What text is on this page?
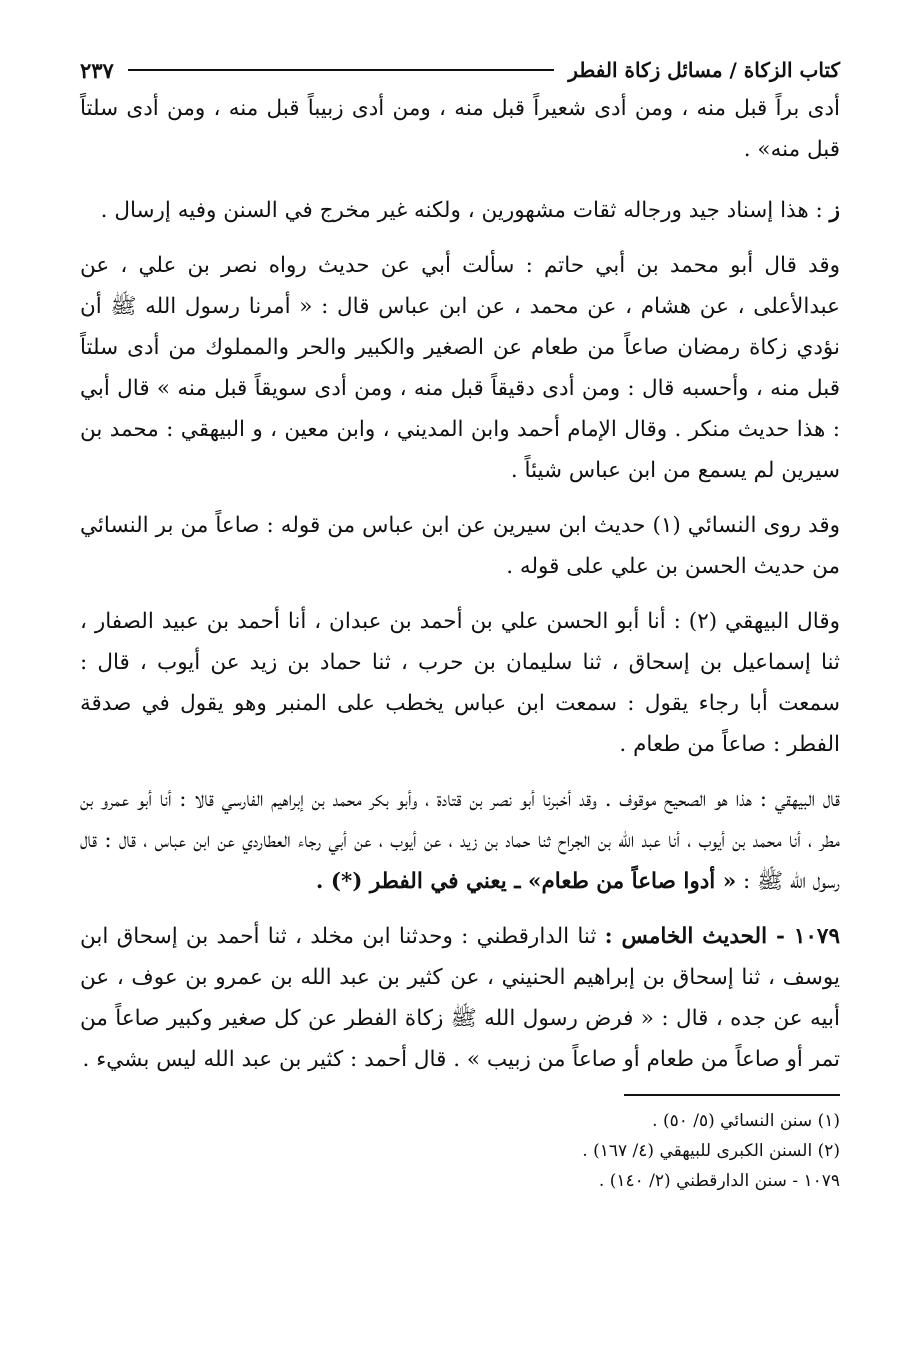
كتاب الزكاة / مسائل زكاة الفطر
٢٣٧

أدى براً قبل منه ، ومن أدى شعيراً قبل منه ، ومن أدى زبيباً قبل منه ، ومن أدى سلتاً قبل منه» .

ز : هذا إسناد جيد ورجاله ثقات مشهورين ، ولكنه غير مخرج في السنن وفيه إرسال .

وقد قال أبو محمد بن أبي حاتم : سألت أبي عن حديث رواه نصر بن علي ، عن عبدالأعلى ، عن هشام ، عن محمد ، عن ابن عباس قال : « أمرنا رسول الله ﷺ أن نؤدي زكاة رمضان صاعاً من طعام عن الصغير والكبير والحر والمملوك من أدى سلتاً قبل منه ، وأحسبه قال : ومن أدى دقيقاً قبل منه ، ومن أدى سويقاً قبل منه » قال أبي : هذا حديث منكر . وقال الإمام أحمد وابن المديني ، وابن معين ، و البيهقي : محمد بن سيرين لم يسمع من ابن عباس شيئاً .

وقد روى النسائي (١) حديث ابن سيرين عن ابن عباس من قوله : صاعاً من بر النسائي من حديث الحسن بن علي على قوله .

وقال البيهقي (٢) : أنا أبو الحسن علي بن أحمد بن عبدان ، أنا أحمد بن عبيد الصفار ، ثنا إسماعيل بن إسحاق ، ثنا سليمان بن حرب ، ثنا حماد بن زيد عن أيوب ، قال : سمعت أبا رجاء يقول : سمعت ابن عباس يخطب على المنبر وهو يقول في صدقة الفطر : صاعاً من طعام .

قال البيهقي : هذا هو الصحيح موقوف . وقد أخبرنا أبو نصر بن قتادة ، وأبو بكر محمد بن إبراهيم الفارسي قالا : أنا أبو عمرو بن مطر ، أنا محمد بن أيوب ، أنا عبد الله بن الجراح ثنا حماد بن زيد ، عن أيوب ، عن أبي رجاء العطاردي عن ابن عباس ، قال : قال رسول الله ﷺ : « أدوا صاعاً من طعام» ـ يعني في الفطر (*) .

١٠٧٩ - الحديث الخامس : ثنا الدارقطني : وحدثنا ابن مخلد ، ثنا أحمد بن إسحاق ابن يوسف ، ثنا إسحاق بن إبراهيم الحنيني ، عن كثير بن عبد الله بن عمرو بن عوف ، عن أبيه عن جده ، قال : « فرض رسول الله ﷺ زكاة الفطر عن كل صغير وكبير صاعاً من تمر أو صاعاً من طعام أو صاعاً من زبيب » . قال أحمد : كثير بن عبد الله ليس بشيء .

(١) سنن النسائي (٥/ ٥٠) .

(٢) السنن الكبرى للبيهقي (٤/ ١٦٧) .

١٠٧٩ - سنن الدارقطني (٢/ ١٤٠) .
